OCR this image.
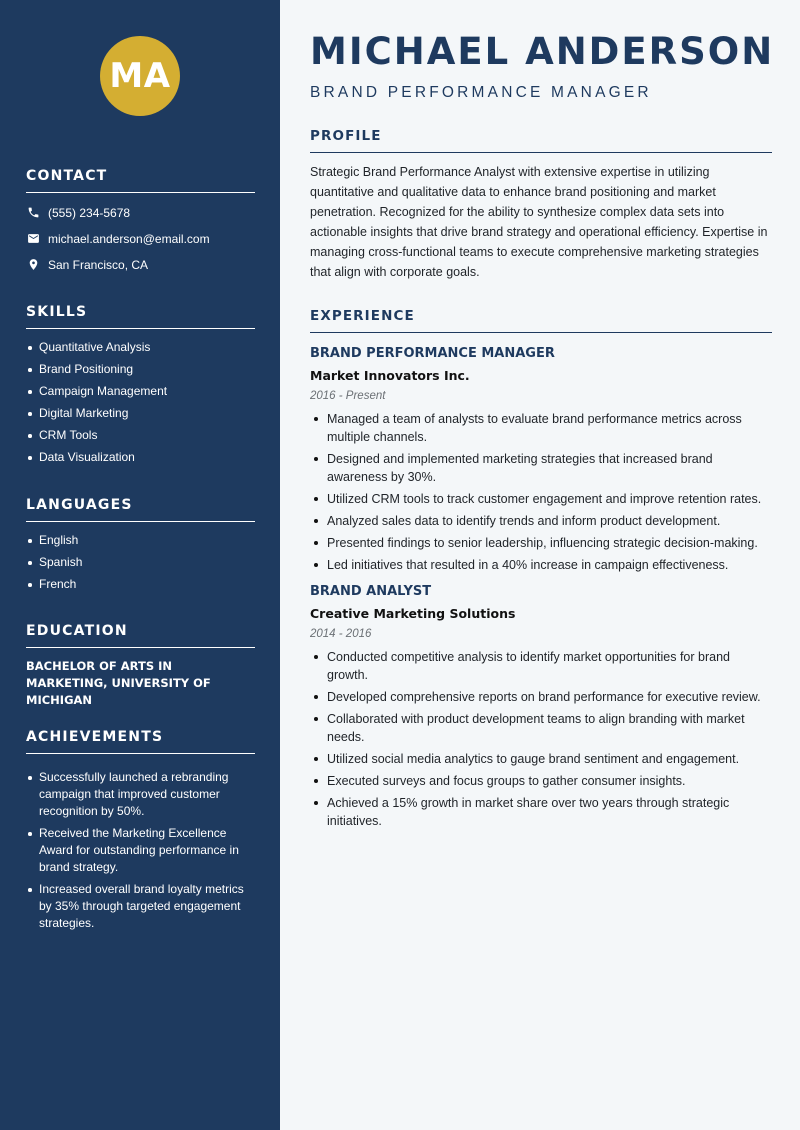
MA
CONTACT
(555) 234-5678
michael.anderson@email.com
San Francisco, CA
SKILLS
Quantitative Analysis
Brand Positioning
Campaign Management
Digital Marketing
CRM Tools
Data Visualization
LANGUAGES
English
Spanish
French
EDUCATION

BACHELOR OF ARTS IN MARKETING, UNIVERSITY OF MICHIGAN

ACHIEVEMENTS
Successfully launched a rebranding campaign that improved customer recognition by 50%.
Received the Marketing Excellence Award for outstanding performance in brand strategy.
Increased overall brand loyalty metrics by 35% through targeted engagement strategies.
MICHAEL ANDERSON
BRAND PERFORMANCE MANAGER
PROFILE

Strategic Brand Performance Analyst with extensive expertise in utilizing quantitative and qualitative data to enhance brand positioning and market penetration. Recognized for the ability to synthesize complex data sets into actionable insights that drive brand strategy and operational efficiency. Expertise in managing cross-functional teams to execute comprehensive marketing strategies that align with corporate goals.

EXPERIENCE
BRAND PERFORMANCE MANAGER
Market Innovators Inc.
2016 - Present
Managed a team of analysts to evaluate brand performance metrics across multiple channels.
Designed and implemented marketing strategies that increased brand awareness by 30%.
Utilized CRM tools to track customer engagement and improve retention rates.
Analyzed sales data to identify trends and inform product development.
Presented findings to senior leadership, influencing strategic decision-making.
Led initiatives that resulted in a 40% increase in campaign effectiveness.
BRAND ANALYST
Creative Marketing Solutions
2014 - 2016
Conducted competitive analysis to identify market opportunities for brand growth.
Developed comprehensive reports on brand performance for executive review.
Collaborated with product development teams to align branding with market needs.
Utilized social media analytics to gauge brand sentiment and engagement.
Executed surveys and focus groups to gather consumer insights.
Achieved a 15% growth in market share over two years through strategic initiatives.
